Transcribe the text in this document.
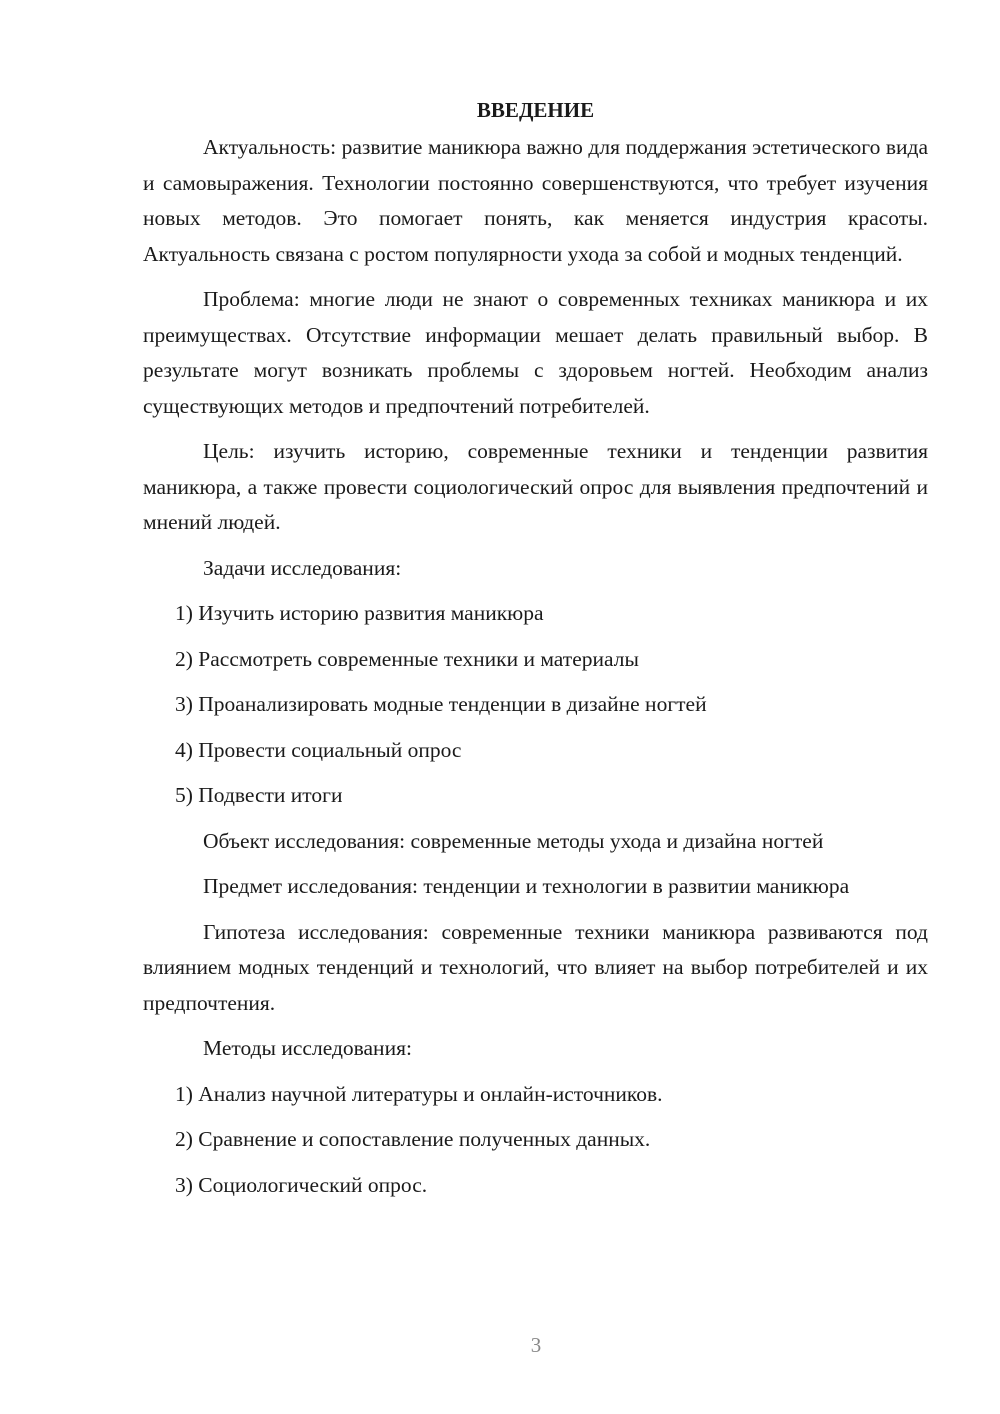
ВВЕДЕНИЕ

Актуальность: развитие маникюра важно для поддержания эстетического вида и самовыражения. Технологии постоянно совершенствуются, что требует изучения новых методов. Это помогает понять, как меняется индустрия красоты. Актуальность связана с ростом популярности ухода за собой и модных тенденций.

Проблема: многие люди не знают о современных техниках маникюра и их преимуществах. Отсутствие информации мешает делать правильный выбор. В результате могут возникать проблемы с здоровьем ногтей. Необходим анализ существующих методов и предпочтений потребителей.

Цель: изучить историю, современные техники и тенденции развития маникюра, а также провести социологический опрос для выявления предпочтений и мнений людей.

Задачи исследования:

1) Изучить историю развития маникюра

2) Рассмотреть современные техники и материалы

3) Проанализировать модные тенденции в дизайне ногтей

4) Провести социальный опрос

5) Подвести итоги

Объект исследования: современные методы ухода и дизайна ногтей

Предмет исследования: тенденции и технологии в развитии маникюра

Гипотеза исследования: современные техники маникюра развиваются под влиянием модных тенденций и технологий, что влияет на выбор потребителей и их предпочтения.

Методы исследования:

1) Анализ научной литературы и онлайн-источников.

2) Сравнение и сопоставление полученных данных.

3) Социологический опрос.

3
